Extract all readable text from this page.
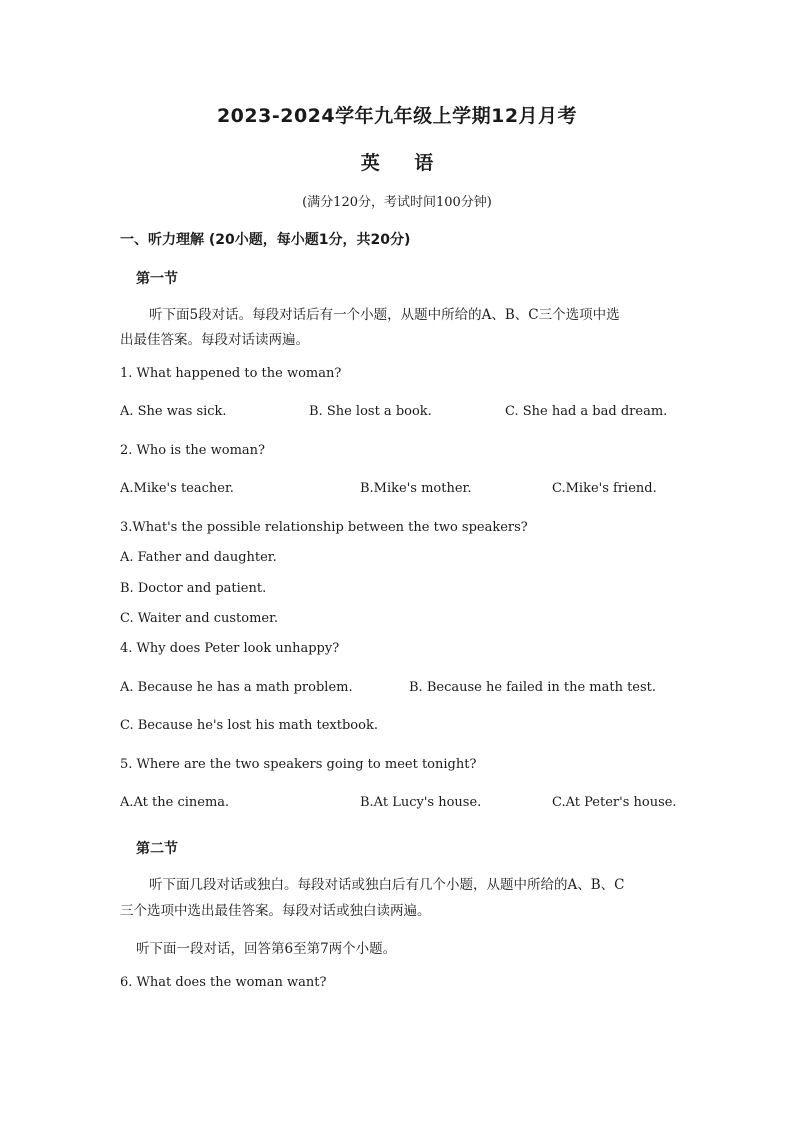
2023-2024学年九年级上学期12月月考
英 语
(满分120分，考试时间100分钟)
一、听力理解 (20小题，每小题1分，共20分)
第一节
听下面5段对话。每段对话后有一个小题，从题中所给的A、B、C三个选项中选
出最佳答案。每段对话读两遍。
1. What happened to the woman?
A. She was sick.	B. She lost a book.	C. She had a bad dream.
2. Who is the woman?
A.Mike's teacher.	B.Mike's mother.	C.Mike's friend.
3.What's the possible relationship between the two speakers?
A. Father and daughter.
B. Doctor and patient.
C. Waiter and customer.
4. Why does Peter look unhappy?
A. Because he has a math problem.	B. Because he failed in the math test.
C. Because he's lost his math textbook.
5. Where are the two speakers going to meet tonight?
A.At the cinema.	B.At Lucy's house.	C.At Peter's house.
第二节
听下面几段对话或独白。每段对话或独白后有几个小题，从题中所给的A、B、C
三个选项中选出最佳答案。每段对话或独白读两遍。
听下面一段对话，回答第6至第7两个小题。
6. What does the woman want?
